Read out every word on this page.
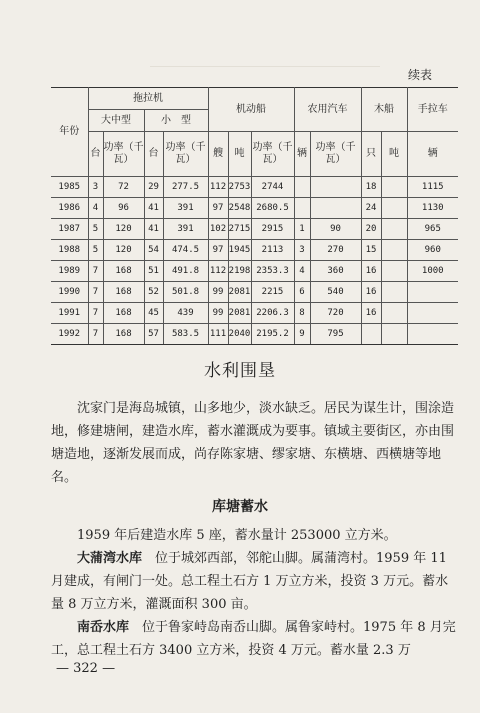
续表
年份	拖拉机				机动船			农用汽车		木船		手拉车
	大中型		小　型									
	台	功率（千瓦）	台	功率（千瓦）	艘	吨	功率（千瓦）	辆	功率（千瓦）	只	吨	辆
1985	3	72	29	277.5	112	2753	2744			18		1115
1986	4	96	41	391	97	2548	2680.5			24		1130
1987	5	120	41	391	102	2715	2915	1	90	20		965
1988	5	120	54	474.5	97	1945	2113	3	270	15		960
1989	7	168	51	491.8	112	2198	2353.3	4	360	16		1000
1990	7	168	52	501.8	99	2081	2215	6	540	16		
1991	7	168	45	439	99	2081	2206.3	8	720	16		
1992	7	168	57	583.5	111	2040	2195.2	9	795			
水利围垦
沈家门是海岛城镇，山多地少，淡水缺乏。居民为谋生计，围涂造地，修建塘闸，建造水库，蓄水灌溉成为要事。镇域主要街区，亦由围塘造地，逐渐发展而成，尚存陈家塘、缪家塘、东横塘、西横塘等地名。
库塘蓄水
1959 年后建造水库 5 座，蓄水量计 253000 立方米。
大蒲湾水库　位于城郊西部，邻舵山脚。属蒲湾村。1959 年 11 月建成，有闸门一处。总工程土石方 1 万立方米，投资 3 万元。蓄水量 8 万立方米，灌溉面积 300 亩。
南岙水库　位于鲁家峙岛南岙山脚。属鲁家峙村。1975 年 8 月完工，总工程土石方 3400 立方米，投资 4 万元。蓄水量 2.3 万
— 322 —
